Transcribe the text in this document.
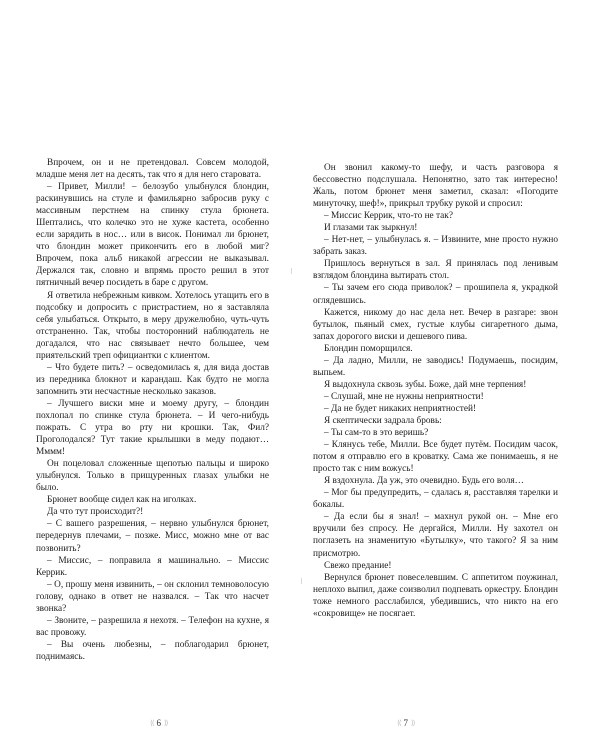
Впрочем, он и не претендовал. Совсем молодой, младше меня лет на десять, так что я для него старовата.

– Привет, Милли! – белозубо улыбнулся блондин, раскинувшись на стуле и фамильярно забросив руку с массивным перстнем на спинку стула брюнета. Шептались, что колечко это не хуже кастета, особенно если зарядить в нос… или в висок. Понимал ли брюнет, что блондин может прикончить его в любой миг? Впрочем, пока альб никакой агрессии не выказывал. Держался так, словно и впрямь просто решил в этот пятничный вечер посидеть в баре с другом.

Я ответила небрежным кивком. Хотелось утащить его в подсобку и допросить с пристрастием, но я заставляла себя улыбаться. Открыто, в меру дружелюбно, чуть-чуть отстраненно. Так, чтобы посторонний наблюдатель не догадался, что нас связывает нечто большее, чем приятельский треп официантки с клиентом.

– Что будете пить? – осведомилась я, для вида достав из передника блокнот и карандаш. Как будто не могла запомнить эти несчастные несколько заказов.

– Лучшего виски мне и моему другу, – блондин похлопал по спинке стула брюнета. – И чего-нибудь пожрать. С утра во рту ни крошки. Так, Фил? Проголодался? Тут такие крылышки в меду подают… Мммм!

Он поцеловал сложенные щепотью пальцы и широко улыбнулся. Только в прищуренных глазах улыбки не было.

Брюнет вообще сидел как на иголках.

Да что тут происходит?!

– С вашего разрешения, – нервно улыбнулся брюнет, передернув плечами, – позже. Мисс, можно мне от вас позвонить?

– Миссис, – поправила я машинально. – Миссис Керрик.

– О, прошу меня извинить, – он склонил темноволосую голову, однако в ответ не назвался. – Так что насчет звонка?

– Звоните, – разрешила я нехотя. – Телефон на кухне, я вас провожу.

– Вы очень любезны, – поблагодарил брюнет, поднимаясь.

⟨⟨ 6 ⟩⟩

Он звонил какому-то шефу, и часть разговора я бессовестно подслушала. Непонятно, зато так интересно! Жаль, потом брюнет меня заметил, сказал: «Погодите минуточку, шеф!», прикрыл трубку рукой и спросил:

– Миссис Керрик, что-то не так?

И глазами так зыркнул!

– Нет-нет, – улыбнулась я. – Извините, мне просто нужно забрать заказ.

Пришлось вернуться в зал. Я принялась под ленивым взглядом блондина вытирать стол.

– Ты зачем его сюда приволок? – прошипела я, украдкой оглядевшись.

Кажется, никому до нас дела нет. Вечер в разгаре: звон бутылок, пьяный смех, густые клубы сигаретного дыма, запах дорогого виски и дешевого пива.

Блондин поморщился.

– Да ладно, Милли, не заводись! Подумаешь, посидим, выпьем.

Я выдохнула сквозь зубы. Боже, дай мне терпения!

– Слушай, мне не нужны неприятности!

– Да не будет никаких неприятностей!

Я скептически задрала бровь:

– Ты сам-то в это веришь?

– Клянусь тебе, Милли. Все будет путём. Посидим часок, потом я отправлю его в кроватку. Сама же понимаешь, я не просто так с ним вожусь!

Я вздохнула. Да уж, это очевидно. Будь его воля…

– Мог бы предупредить, – сдалась я, расставляя тарелки и бокалы.

– Да если бы я знал! – махнул рукой он. – Мне его вручили без спросу. Не дергайся, Милли. Ну захотел он поглазеть на знаменитую «Бутылку», что такого? Я за ним присмотрю.

Свежо предание!

Вернулся брюнет повеселевшим. С аппетитом поужинал, неплохо выпил, даже соизволил подпевать оркестру. Блондин тоже немного расслабился, убедившись, что никто на его «сокровище» не посягает.

⟨⟨ 7 ⟩⟩
